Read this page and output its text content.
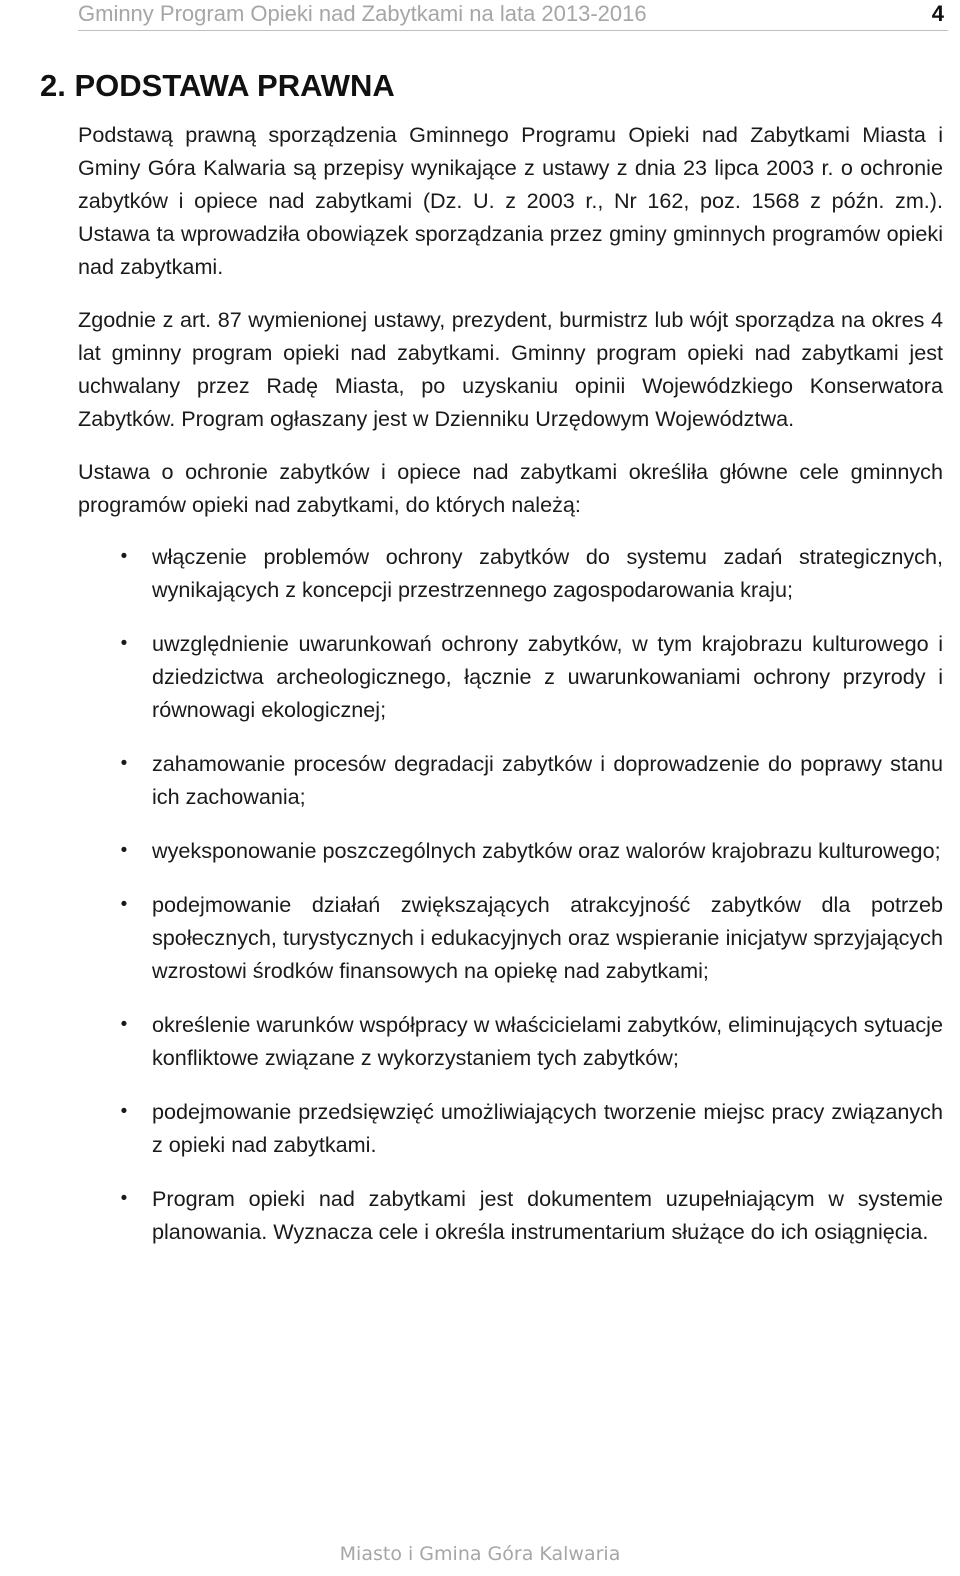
Gminny Program Opieki nad Zabytkami na lata 2013-2016	4
2. PODSTAWA PRAWNA

Podstawą prawną sporządzenia Gminnego Programu Opieki nad Zabytkami Miasta i Gminy Góra Kalwaria są przepisy wynikające z ustawy z dnia 23 lipca 2003 r. o ochronie zabytków i opiece nad zabytkami (Dz. U. z 2003 r., Nr 162, poz. 1568 z późn. zm.). Ustawa ta wprowadziła obowiązek sporządzania przez gminy gminnych programów opieki nad zabytkami.

Zgodnie z art. 87 wymienionej ustawy, prezydent, burmistrz lub wójt sporządza na okres 4 lat gminny program opieki nad zabytkami. Gminny program opieki nad zabytkami jest uchwalany przez Radę Miasta, po uzyskaniu opinii Wojewódzkiego Konserwatora Zabytków. Program ogłaszany jest w Dzienniku Urzędowym Województwa.

Ustawa o ochronie zabytków i opiece nad zabytkami określiła główne cele gminnych programów opieki nad zabytkami, do których należą:

•	włączenie problemów ochrony zabytków do systemu zadań strategicznych, wynikających z koncepcji przestrzennego zagospodarowania kraju;
•	uwzględnienie uwarunkowań ochrony zabytków, w tym krajobrazu kulturowego i dziedzictwa archeologicznego, łącznie z uwarunkowaniami ochrony przyrody i równowagi ekologicznej;
•	zahamowanie procesów degradacji zabytków i doprowadzenie do poprawy stanu ich zachowania;
•	wyeksponowanie poszczególnych zabytków oraz walorów krajobrazu kulturowego;
•	podejmowanie działań zwiększających atrakcyjność zabytków dla potrzeb społecznych, turystycznych i edukacyjnych oraz wspieranie inicjatyw sprzyjających wzrostowi środków finansowych na opiekę nad zabytkami;
•	określenie warunków współpracy w właścicielami zabytków, eliminujących sytuacje konfliktowe związane z wykorzystaniem tych zabytków;
•	podejmowanie przedsięwzięć umożliwiających tworzenie miejsc pracy związanych z opieki nad zabytkami.
•	Program opieki nad zabytkami jest dokumentem uzupełniającym w systemie planowania. Wyznacza cele i określa instrumentarium służące do ich osiągnięcia.
Miasto i Gmina Góra Kalwaria
